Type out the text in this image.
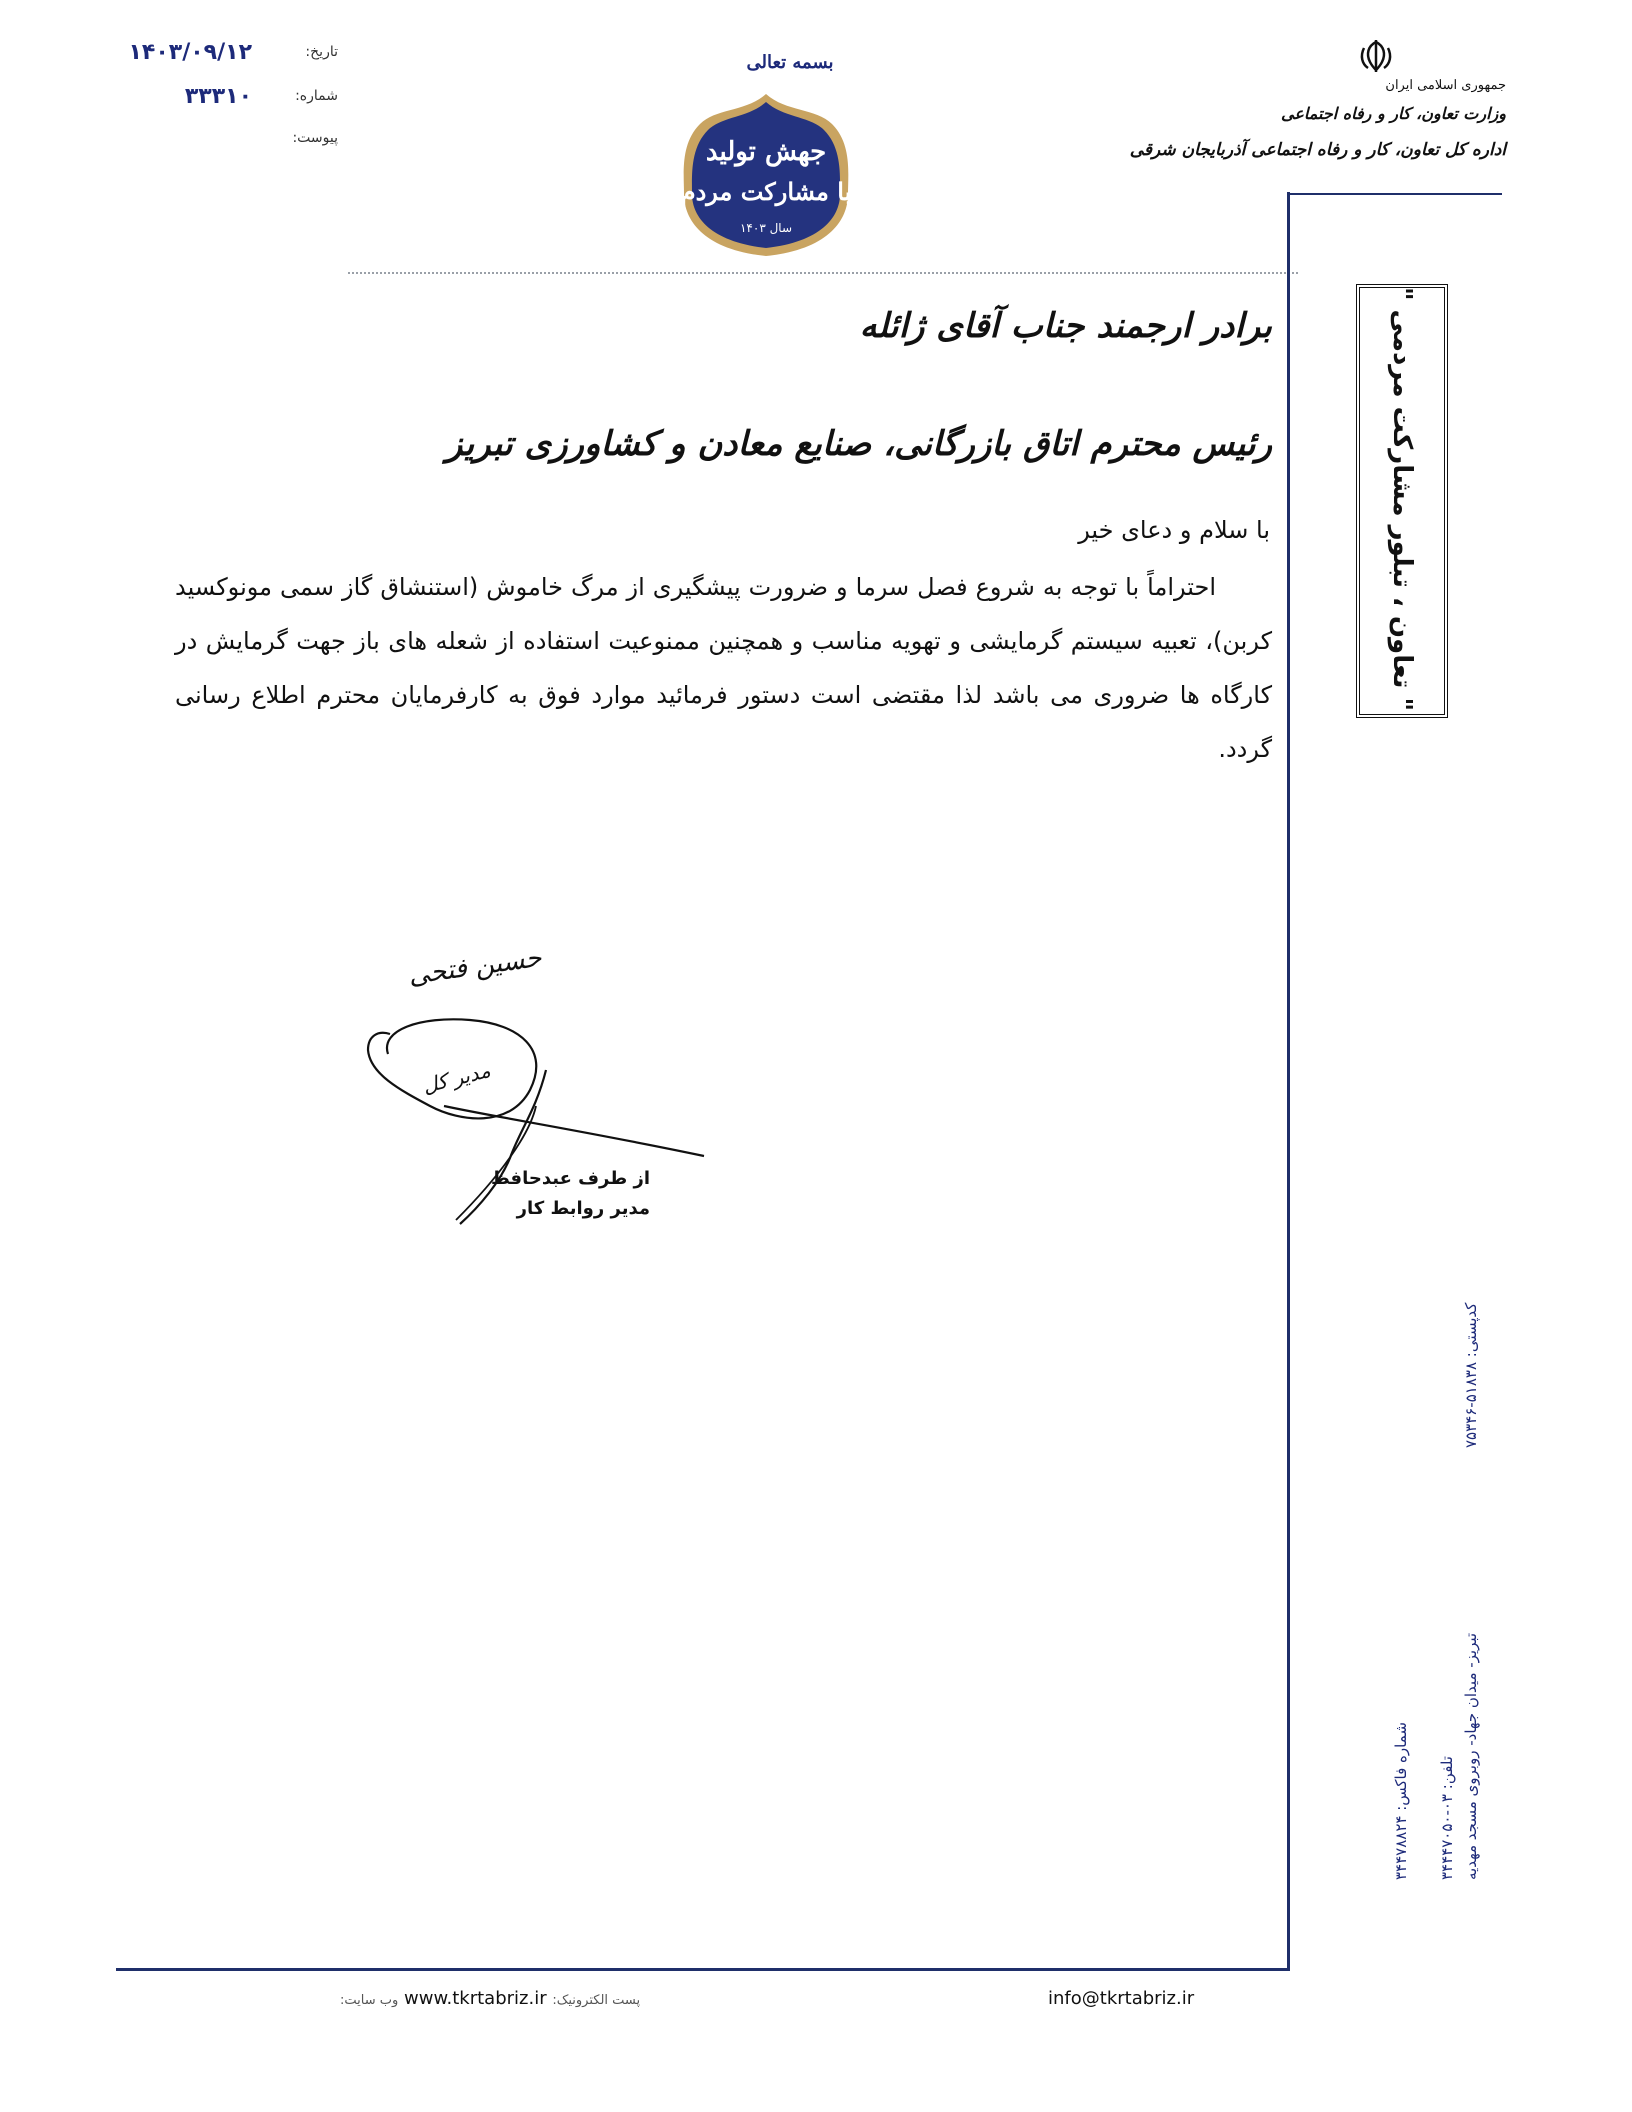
تاریخ:
۱۴۰۳/۰۹/۱۲
شماره:
۳۳۳۱۰
پیوست:
جمهوری اسلامی ایران
وزارت تعاون، کار و رفاه اجتماعی
اداره کل تعاون، کار و رفاه اجتماعی آذربایجان شرقی
بسمه تعالی
جهش تولید
با مشارکت مردم
سال ۱۴۰۳
" تعاون ، تبلور مشارکت مردمی "
برادر ارجمند جناب آقای ژائله
رئیس محترم اتاق بازرگانی، صنایع معادن و کشاورزی تبریز
با سلام و دعای خیر
احتراماً با توجه به شروع فصل سرما و ضرورت پیشگیری از مرگ خاموش (استنشاق گاز سمی مونوکسید کربن)، تعبیه سیستم گرمایشی و تهویه مناسب و همچنین ممنوعیت استفاده از شعله های باز جهت گرمایش در کارگاه ها ضروری می باشد لذا مقتضی است دستور فرمائید موارد فوق به کارفرمایان محترم اطلاع رسانی گردد.
حسین فتحی
مدیر کل
از طرف عبدحافظ
مدیر روابط کار
کدپستی: ۵۱۸۳۸-۷۵۳۴۶
تبریز- میدان جهاد- روبروی مسجد مهدیه
تلفن: ۰۳-۳۴۴۴۷۰۵۰
شماره فاکس: ۳۴۴۷۸۸۲۴
info@tkrtabriz.ir
پست الکترونیک: www.tkrtabriz.ir وب سایت:
